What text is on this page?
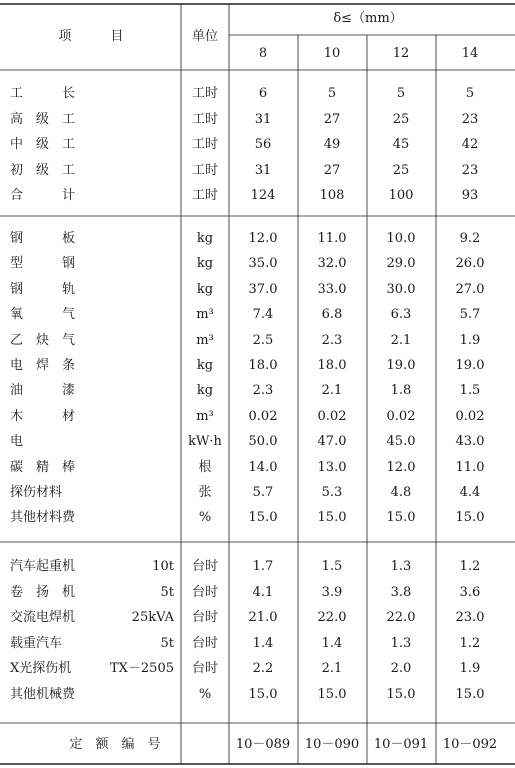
项　　　目	单位
δ≤（mm）
8	10	12	14
工　　　长	工时	6	5	5	5
高　级　工	工时	31	27	25	23
中　级　工	工时	56	49	45	42
初　级　工	工时	31	27	25	23
合　　　计	工时	124	108	100	93
钢　　　板	kg	12.0	11.0	10.0	9.2
型　　　钢	kg	35.0	32.0	29.0	26.0
钢　　　轨	kg	37.0	33.0	30.0	27.0
氧　　　气	m³	7.4	6.8	6.3	5.7
乙　炔　气	m³	2.5	2.3	2.1	1.9
电　焊　条	kg	18.0	18.0	19.0	19.0
油　　　漆	kg	2.3	2.1	1.8	1.5
木　　　材	m³	0.02	0.02	0.02	0.02
电	kW·h 50.0	47.0	45.0	43.0
碳　精　棒	根	14.0	13.0	12.0	11.0
探伤材料	张	5.7	5.3	4.8	4.4
其他材料费	%	15.0	15.0	15.0	15.0
汽车起重机	10t 台时	1.7	1.5	1.3	1.2
卷　扬　机	5t 台时	4.1	3.9	3.8	3.6
交流电焊机	25kVA 台时 21.0	22.0	22.0	23.0
载重汽车	5t 台时	1.4	1.4	1.3	1.2
X光探伤机	TX－2505 台时	2.2	2.1	2.0	1.9
其他机械费	%	15.0	15.0	15.0	15.0
定　额　编　号	10－089 10－090 10－091 10－092
